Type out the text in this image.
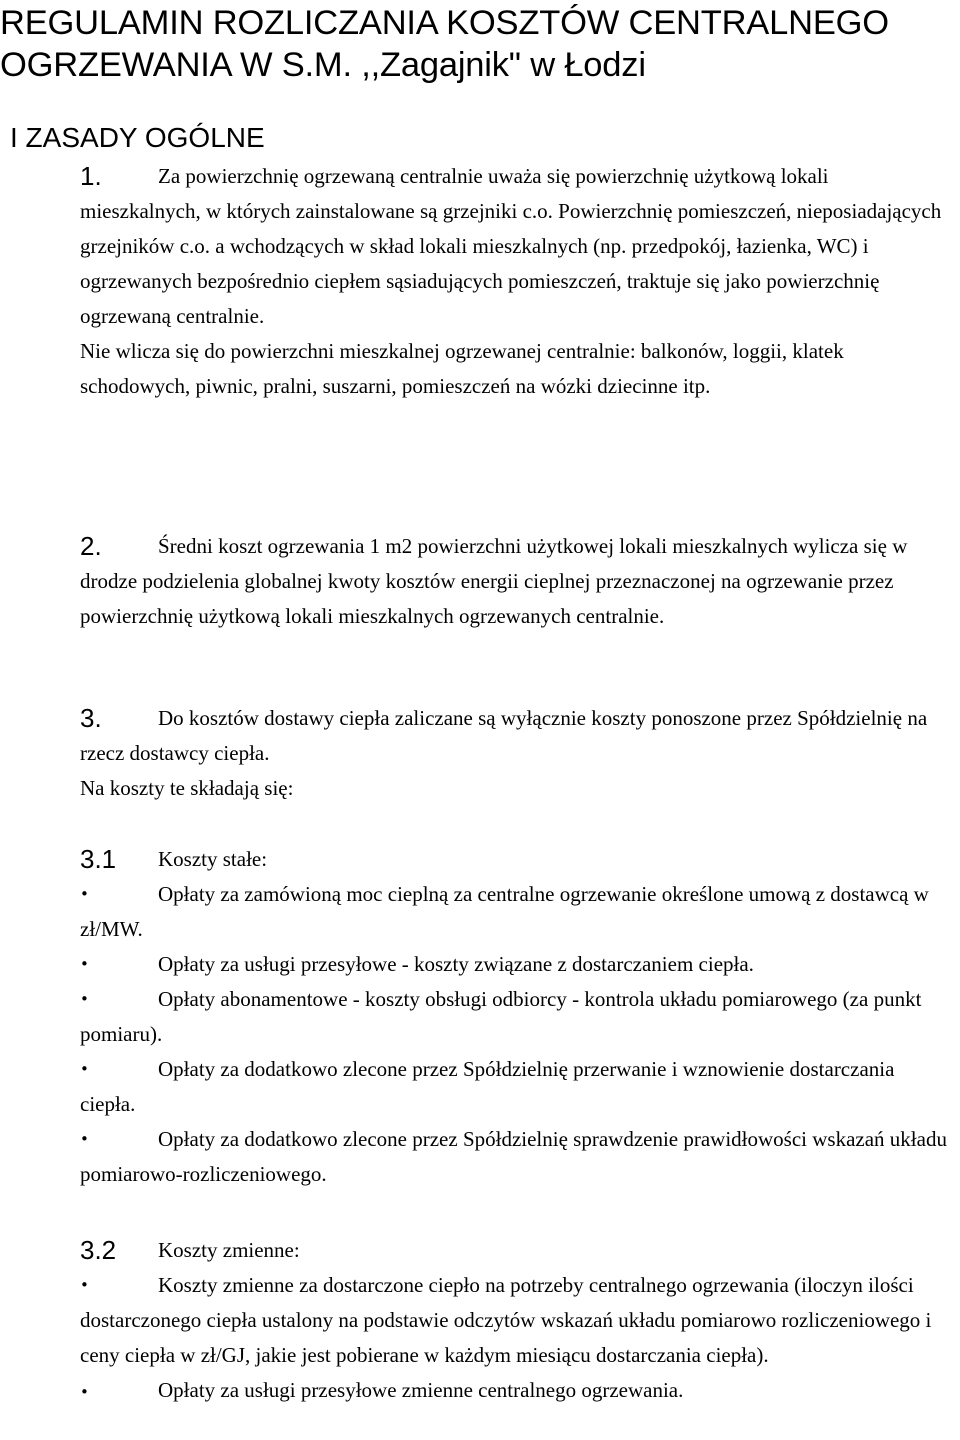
REGULAMIN ROZLICZANIA KOSZTÓW CENTRALNEGO
OGRZEWANIA W S.M. ,,Zagajnik" w Łodzi
I ZASADY OGÓLNE

1.	Za powierzchnię ogrzewaną centralnie uważa się powierzchnię użytkową lokali mieszkalnych, w których zainstalowane są grzejniki c.o. Powierzchnię pomieszczeń, nieposiadających grzejników c.o. a wchodzących w skład lokali mieszkalnych (np. przedpokój, łazienka, WC) i ogrzewanych bezpośrednio ciepłem sąsiadujących pomieszczeń, traktuje się jako powierzchnię ogrzewaną centralnie.

Nie wlicza się do powierzchni mieszkalnej ogrzewanej centralnie: balkonów, loggii, klatek schodowych, piwnic, pralni, suszarni, pomieszczeń na wózki dziecinne itp.

2.	Średni koszt ogrzewania 1 m2 powierzchni użytkowej lokali mieszkalnych wylicza się w drodze podzielenia globalnej kwoty kosztów energii cieplnej przeznaczonej na ogrzewanie przez powierzchnię użytkową lokali mieszkalnych ogrzewanych centralnie.

3.	Do kosztów dostawy ciepła zaliczane są wyłącznie koszty ponoszone przez Spółdzielnię na rzecz dostawcy ciepła.

Na koszty te składają się:

3.1 Koszty stałe:

•	Opłaty za zamówioną moc cieplną za centralne ogrzewanie określone umową z dostawcą w zł/MW.

•	Opłaty za usługi przesyłowe - koszty związane z dostarczaniem ciepła.

•	Opłaty abonamentowe - koszty obsługi odbiorcy - kontrola układu pomiarowego (za punkt pomiaru).

•	Opłaty za dodatkowo zlecone przez Spółdzielnię przerwanie i wznowienie dostarczania ciepła.

•	Opłaty za dodatkowo zlecone przez Spółdzielnię sprawdzenie prawidłowości wskazań układu pomiarowo-rozliczeniowego.

3.2 Koszty zmienne:

•	Koszty zmienne za dostarczone ciepło na potrzeby centralnego ogrzewania (iloczyn ilości dostarczonego ciepła ustalony na podstawie odczytów wskazań układu pomiarowo rozliczeniowego i ceny ciepła w zł/GJ, jakie jest pobierane w każdym miesiącu dostarczania ciepła).

•	Opłaty za usługi przesyłowe zmienne centralnego ogrzewania.
